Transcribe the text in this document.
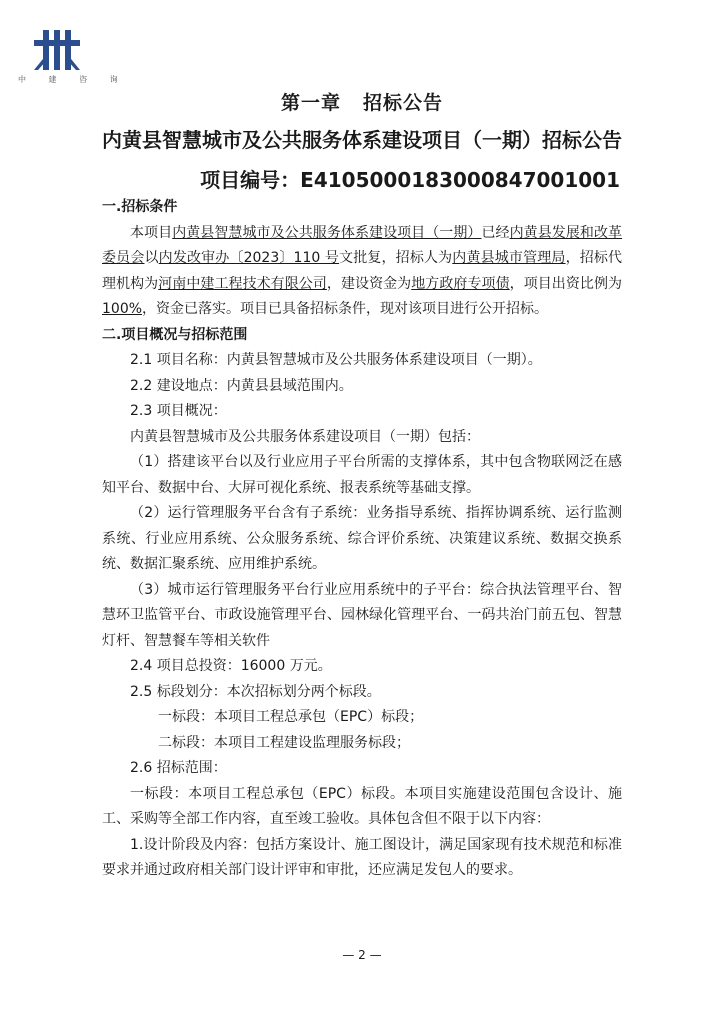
中 建 咨 询
第一章 招标公告
内黄县智慧城市及公共服务体系建设项目（一期）招标公告
项目编号：E4105000183000847001001

一.招标条件

本项目内黄县智慧城市及公共服务体系建设项目（一期）已经内黄县发展和改革委员会以内发改审办〔2023〕110 号文批复，招标人为内黄县城市管理局，招标代理机构为河南中建工程技术有限公司，建设资金为地方政府专项债，项目出资比例为100%，资金已落实。项目已具备招标条件，现对该项目进行公开招标。

二.项目概况与招标范围

2.1 项目名称：内黄县智慧城市及公共服务体系建设项目（一期）。

2.2 建设地点：内黄县县域范围内。

2.3 项目概况：

内黄县智慧城市及公共服务体系建设项目（一期）包括：

（1）搭建该平台以及行业应用子平台所需的支撑体系，其中包含物联网泛在感知平台、数据中台、大屏可视化系统、报表系统等基础支撑。

（2）运行管理服务平台含有子系统：业务指导系统、指挥协调系统、运行监测系统、行业应用系统、公众服务系统、综合评价系统、决策建议系统、数据交换系统、数据汇聚系统、应用维护系统。

（3）城市运行管理服务平台行业应用系统中的子平台：综合执法管理平台、智慧环卫监管平台、市政设施管理平台、园林绿化管理平台、一码共治门前五包、智慧灯杆、智慧餐车等相关软件

2.4 项目总投资：16000 万元。

2.5 标段划分：本次招标划分两个标段。

一标段：本项目工程总承包（EPC）标段；

二标段：本项目工程建设监理服务标段；

2.6 招标范围：

一标段：本项目工程总承包（EPC）标段。本项目实施建设范围包含设计、施工、采购等全部工作内容，直至竣工验收。具体包含但不限于以下内容：

1.设计阶段及内容：包括方案设计、施工图设计，满足国家现有技术规范和标准要求并通过政府相关部门设计评审和审批，还应满足发包人的要求。

— 2 —
